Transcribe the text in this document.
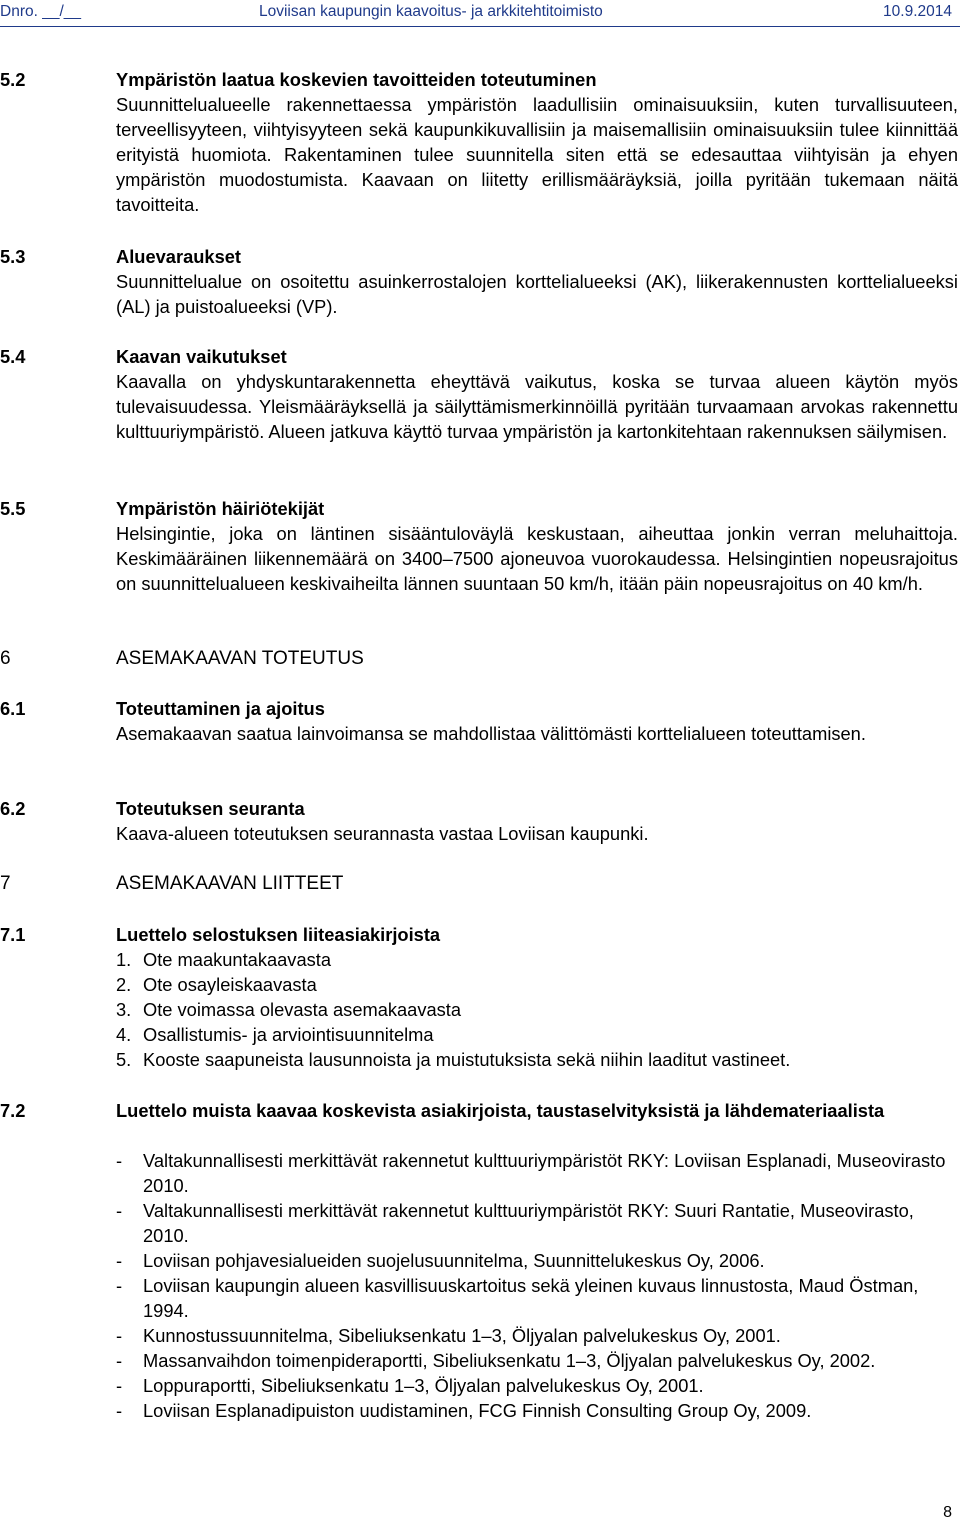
Dnro. __/__	Loviisan kaupungin kaavoitus- ja arkkitehtitoimisto	10.9.2014
5.2	Ympäristön laatua koskevien tavoitteiden toteutuminen

Suunnittelualueelle rakennettaessa ympäristön laadullisiin ominaisuuksiin, kuten turvallisuuteen, terveellisyyteen, viihtyisyyteen sekä kaupunkikuvallisiin ja maisemallisiin ominaisuuksiin tulee kiinnittää erityistä huomiota. Rakentaminen tulee suunnitella siten että se edesauttaa viihtyisän ja ehyen ympäristön muodostumista. Kaavaan on liitetty erillismääräyksiä, joilla pyritään tukemaan näitä tavoitteita.

5.3	Aluevaraukset

Suunnittelualue on osoitettu asuinkerrostalojen korttelialueeksi (AK), liikerakennusten korttelialueeksi (AL) ja puistoalueeksi (VP).

5.4	Kaavan vaikutukset

Kaavalla on yhdyskuntarakennetta eheyttävä vaikutus, koska se turvaa alueen käytön myös tulevaisuudessa. Yleismääräyksellä ja säilyttämismerkinnöillä pyritään turvaamaan arvokas rakennettu kulttuuriympäristö. Alueen jatkuva käyttö turvaa ympäristön ja kartonkitehtaan rakennuksen säilymisen.

5.5	Ympäristön häiriötekijät

Helsingintie, joka on läntinen sisääntuloväylä keskustaan, aiheuttaa jonkin verran meluhaittoja. Keskimääräinen liikennemäärä on 3400–7500 ajoneuvoa vuorokaudessa. Helsingintien nopeusrajoitus on suunnittelualueen keskivaiheilta lännen suuntaan 50 km/h, itään päin nopeusrajoitus on 40 km/h.

6	ASEMAKAAVAN TOTEUTUS
6.1	Toteuttaminen ja ajoitus

Asemakaavan saatua lainvoimansa se mahdollistaa välittömästi korttelialueen toteuttamisen.

6.2	Toteutuksen seuranta

Kaava-alueen toteutuksen seurannasta vastaa Loviisan kaupunki.

7	ASEMAKAAVAN LIITTEET
7.1	Luettelo selostuksen liiteasiakirjoista
1. Ote maakuntakaavasta
2. Ote osayleiskaavasta
3. Ote voimassa olevasta asemakaavasta
4. Osallistumis- ja arviointisuunnitelma
5. Kooste saapuneista lausunnoista ja muistutuksista sekä niihin laaditut vastineet.
7.2	Luettelo muista kaavaa koskevista asiakirjoista, taustaselvityksistä ja lähdemateriaalista
- Valtakunnallisesti merkittävät rakennetut kulttuuriympäristöt RKY: Loviisan Esplanadi, Museovirasto 2010.
- Valtakunnallisesti merkittävät rakennetut kulttuuriympäristöt RKY: Suuri Rantatie, Museovirasto, 2010.
- Loviisan pohjavesialueiden suojelusuunnitelma, Suunnittelukeskus Oy, 2006.
- Loviisan kaupungin alueen kasvillisuuskartoitus sekä yleinen kuvaus linnustosta, Maud Östman, 1994.
- Kunnostussuunnitelma, Sibeliuksenkatu 1–3, Öljyalan palvelukeskus Oy, 2001.
- Massanvaihdon toimenpideraportti, Sibeliuksenkatu 1–3, Öljyalan palvelukeskus Oy, 2002.
- Loppuraportti, Sibeliuksenkatu 1–3, Öljyalan palvelukeskus Oy, 2001.
- Loviisan Esplanadipuiston uudistaminen, FCG Finnish Consulting Group Oy, 2009.
8
